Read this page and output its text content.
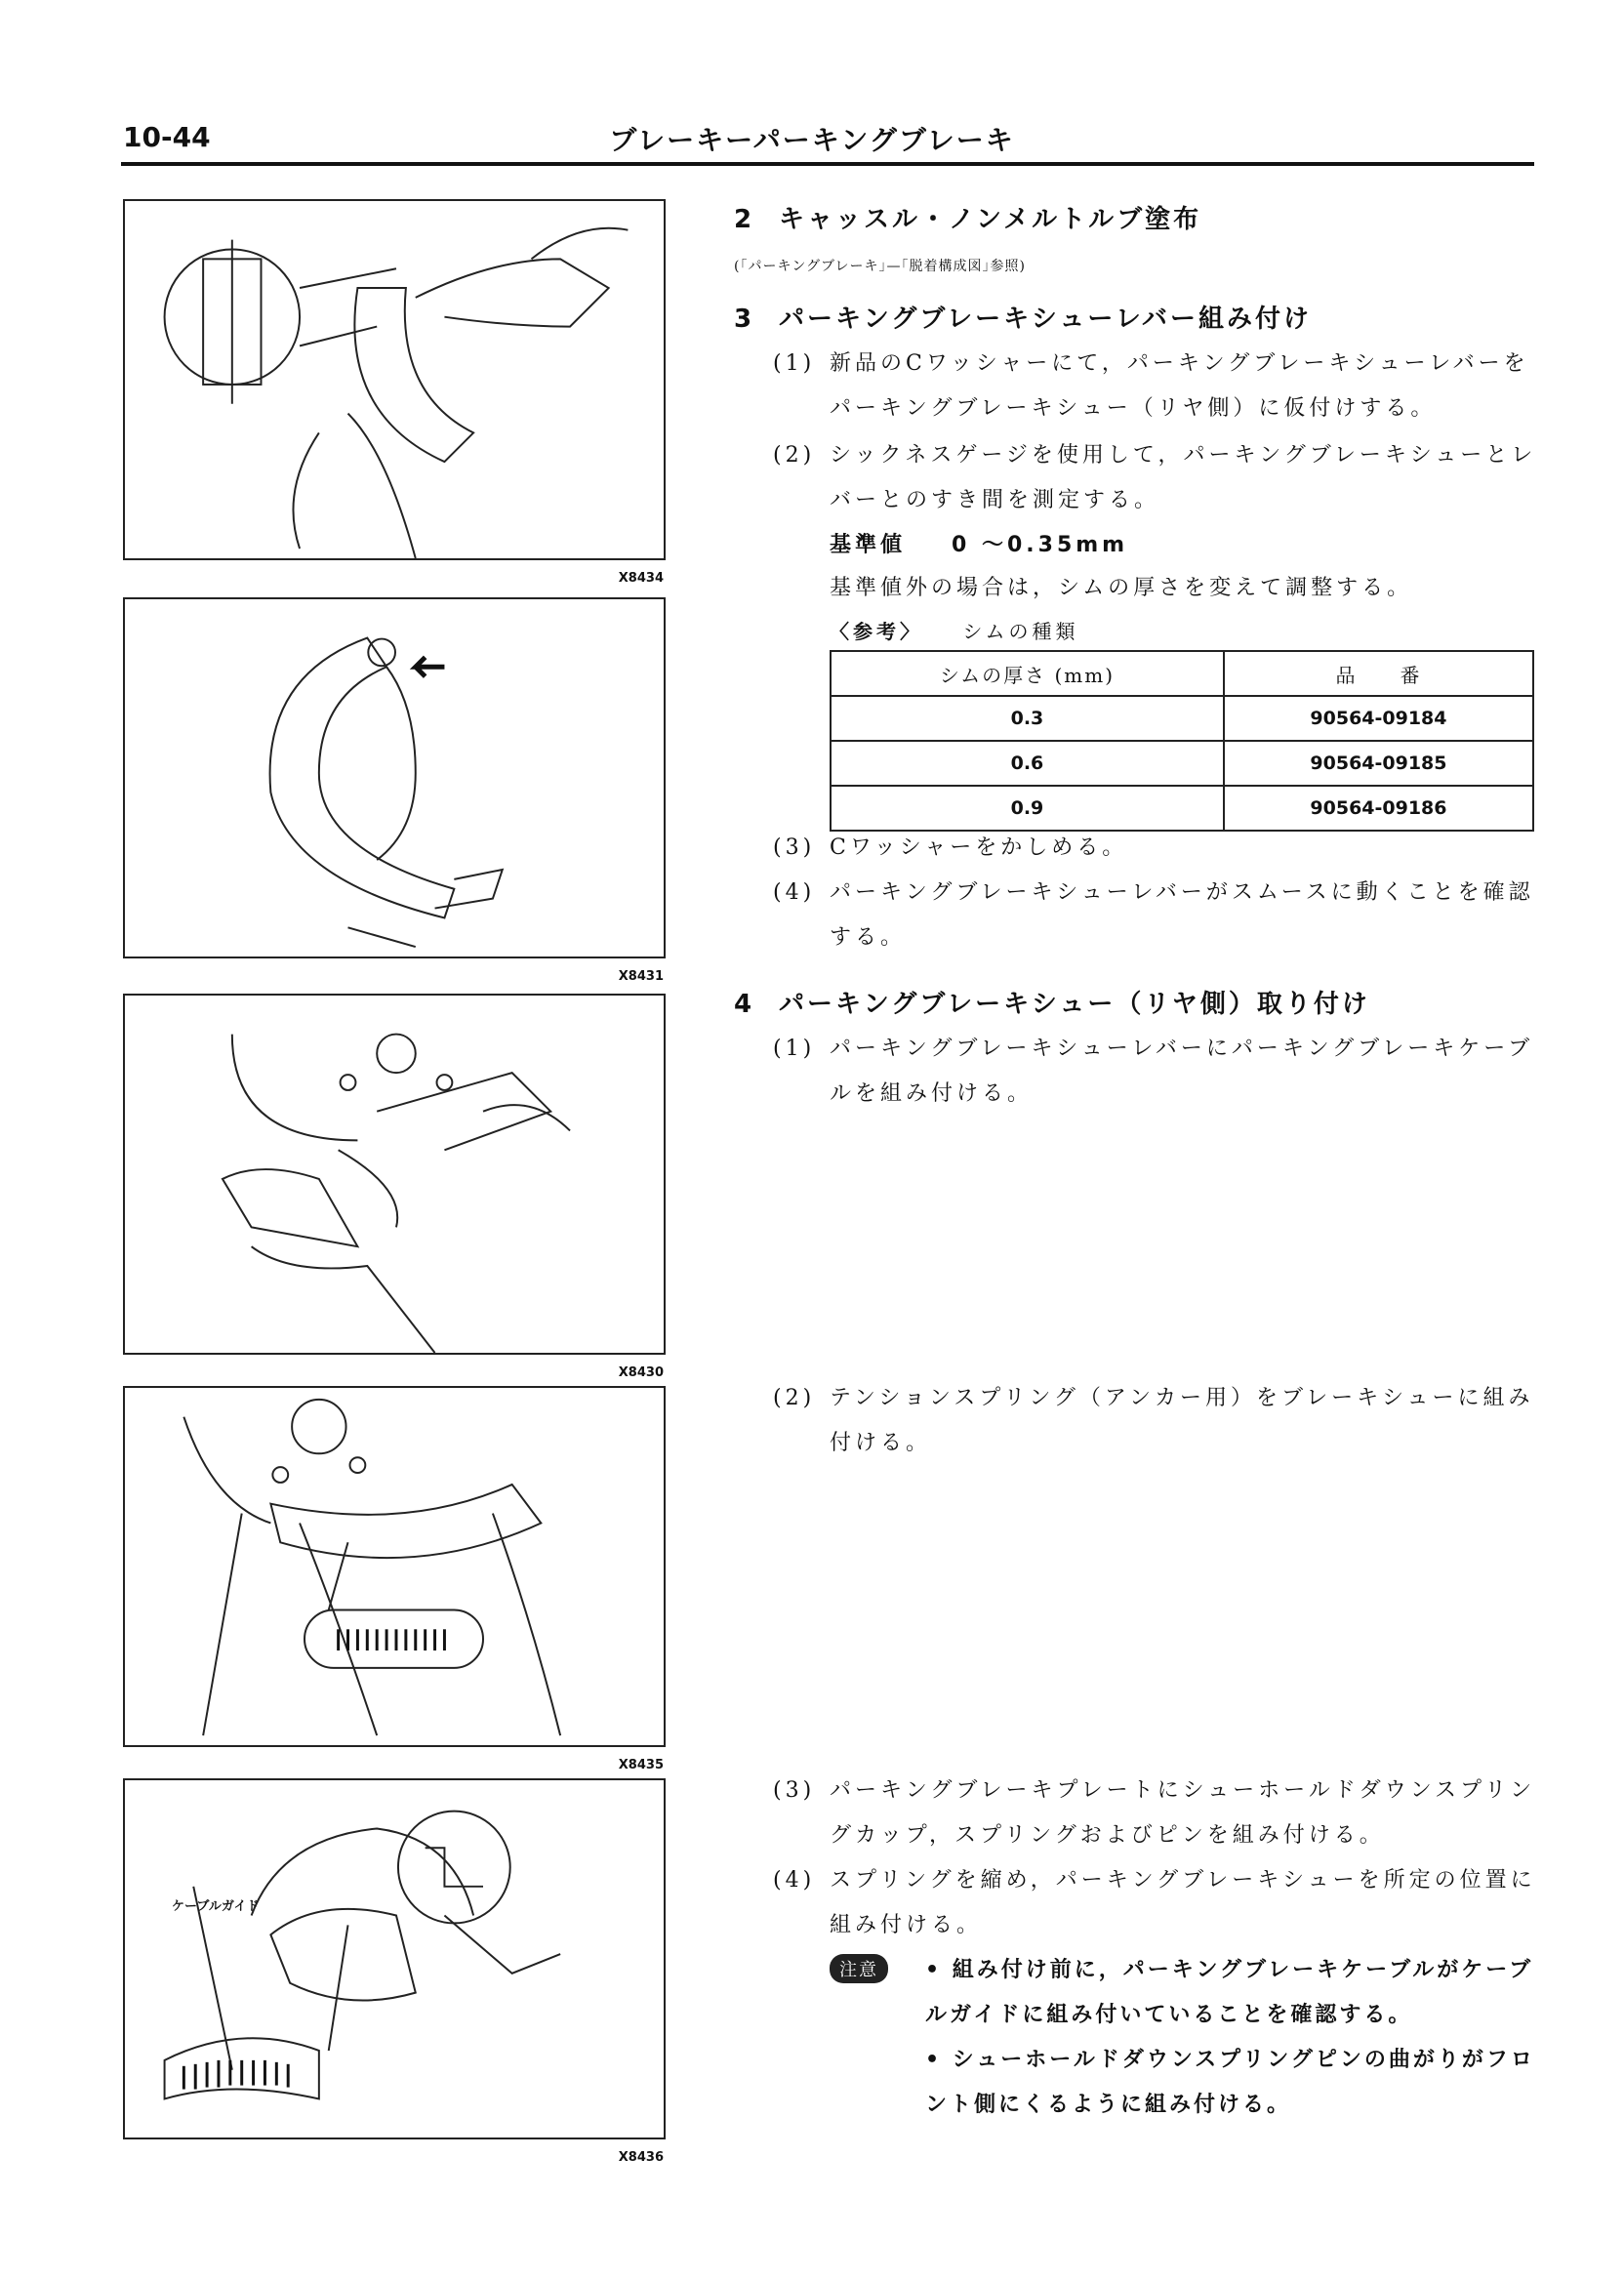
10-44	ブレーキーパーキングブレーキ
X8434
X8431
X8430
X8435
ケーブルガイド
X8436
2 キャッスル・ノンメルトルブ塗布
(｢パーキングブレーキ｣—｢脱着構成図｣参照)
3 パーキングブレーキシューレバー組み付け
(1) 新品のCワッシャーにて，パーキングブレーキシューレバーをパーキングブレーキシュー（リヤ側）に仮付けする。
(2) シックネスゲージを使用して，パーキングブレーキシューとレバーとのすき間を測定する。
基準値 0 ～0.35mm
基準値外の場合は，シムの厚さを変えて調整する。
〈参考〉 シムの種類
シムの厚さ (mm)	品　　番
0.3	90564-09184
0.6	90564-09185
0.9	90564-09186
(3) Cワッシャーをかしめる。
(4) パーキングブレーキシューレバーがスムースに動くことを確認する。
4 パーキングブレーキシュー（リヤ側）取り付け
(1) パーキングブレーキシューレバーにパーキングブレーキケーブルを組み付ける。
(2) テンションスプリング（アンカー用）をブレーキシューに組み付ける。
(3) パーキングブレーキプレートにシューホールドダウンスプリングカップ，スプリングおよびピンを組み付ける。
(4) スプリングを縮め，パーキングブレーキシューを所定の位置に組み付ける。
注意	• 組み付け前に，パーキングブレーキケーブルがケーブルガイドに組み付いていることを確認する。
• シューホールドダウンスプリングピンの曲がりがフロント側にくるように組み付ける。
